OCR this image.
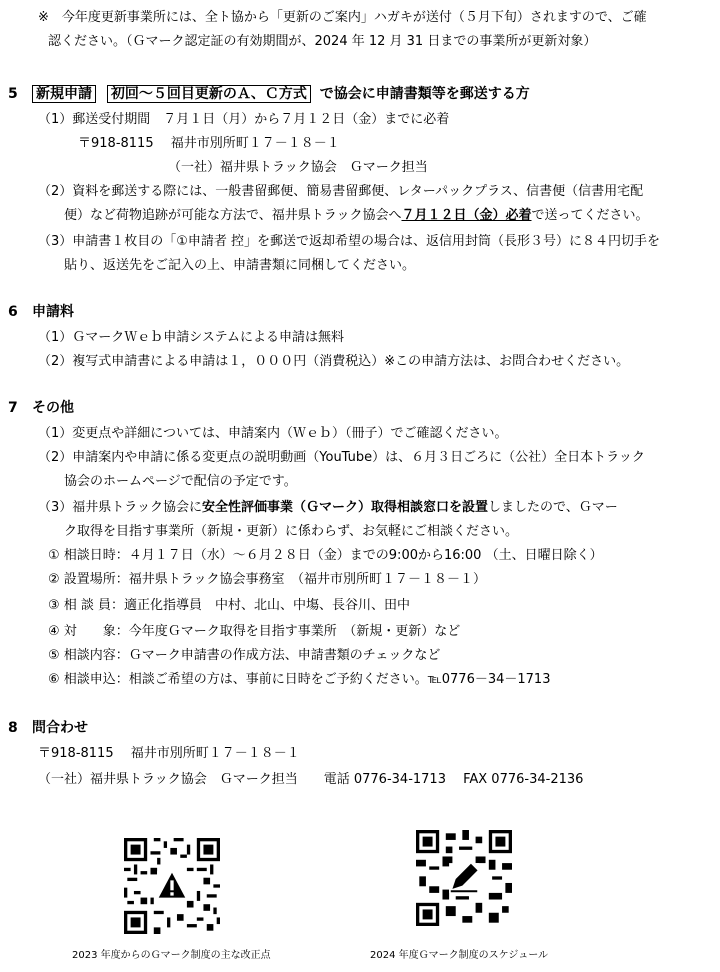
※　今年度更新事業所には、全ト協から「更新のご案内」ハガキが送付（５月下旬）されますので、ご確
認ください。（Ｇマーク認定証の有効期間が、2024 年 12 月 31 日までの事業所が更新対象）
5 新規申請 初回～５回目更新のＡ、Ｃ方式 で協会に申請書類等を郵送する方
（1）郵送受付期間　７月１日（月）から７月１２日（金）までに必着
〒918-8115　 福井市別所町１７－１８－１
（一社）福井県トラック協会　Ｇマーク担当
（2）資料を郵送する際には、一般書留郵便、簡易書留郵便、レターパックプラス、信書便（信書用宅配
便）など荷物追跡が可能な方法で、福井県トラック協会へ７月１２日（金）必着で送ってください。
（3）申請書１枚目の「①申請者 控」を郵送で返却希望の場合は、返信用封筒（長形３号）に８４円切手を
貼り、返送先をご記入の上、申請書類に同梱してください。
6 申請料
（1）ＧマークＷｅｂ申請システムによる申請は無料
（2）複写式申請書による申請は１，０００円（消費税込）※この申請方法は、お問合わせください。
7 その他
（1）変更点や詳細については、申請案内（Ｗｅｂ）（冊子）でご確認ください。
（2）申請案内や申請に係る変更点の説明動画（YouTube）は、６月３日ごろに（公社）全日本トラック
協会のホームページで配信の予定です。
（3）福井県トラック協会に安全性評価事業（Ｇマーク）取得相談窓口を設置しましたので、Ｇマー
ク取得を目指す事業所（新規・更新）に係わらず、お気軽にご相談ください。
① 相談日時：４月１７日（水）～６月２８日（金）までの9:00から16:00 （土、日曜日除く）
② 設置場所：福井県トラック協会事務室　（福井市別所町１７－１８－１）
③ 相 談 員：適正化指導員　中村、北山、中塲、長谷川、田中
④ 対　　象：今年度Ｇマーク取得を目指す事業所　（新規・更新）など
⑤ 相談内容：Ｇマーク申請書の作成方法、申請書類のチェックなど
⑥ 相談申込：相談ご希望の方は、事前に日時をご予約ください。℡0776－34－1713
8 問合わせ
〒918-8115　 福井市別所町１７－１８－１
（一社）福井県トラック協会　Ｇマーク担当　　電話 0776-34-1713　 FAX 0776-34-2136
2023 年度からのＧマーク制度の主な改正点	2024 年度Ｇマーク制度のスケジュール
